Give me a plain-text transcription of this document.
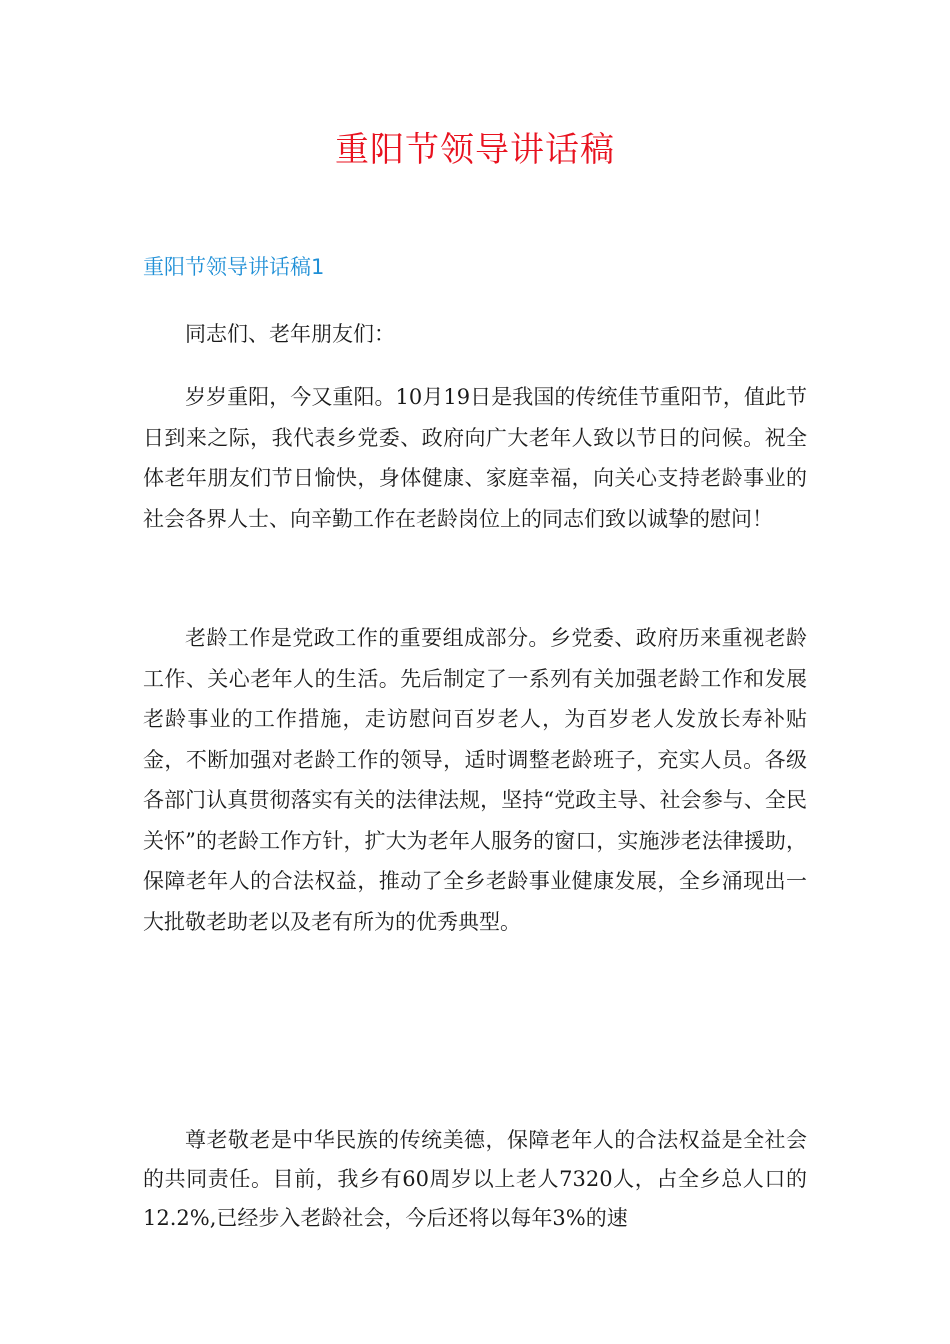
重阳节领导讲话稿
重阳节领导讲话稿1

同志们、老年朋友们：

岁岁重阳，今又重阳。10月19日是我国的传统佳节重阳节，值此节日到来之际，我代表乡党委、政府向广大老年人致以节日的问候。祝全体老年朋友们节日愉快，身体健康、家庭幸福，向关心支持老龄事业的社会各界人士、向辛勤工作在老龄岗位上的同志们致以诚挚的慰问！

老龄工作是党政工作的重要组成部分。乡党委、政府历来重视老龄工作、关心老年人的生活。先后制定了一系列有关加强老龄工作和发展老龄事业的工作措施，走访慰问百岁老人，为百岁老人发放长寿补贴金，不断加强对老龄工作的领导，适时调整老龄班子，充实人员。各级各部门认真贯彻落实有关的法律法规，坚持“党政主导、社会参与、全民关怀”的老龄工作方针，扩大为老年人服务的窗口，实施涉老法律援助，保障老年人的合法权益，推动了全乡老龄事业健康发展，全乡涌现出一大批敬老助老以及老有所为的优秀典型。

尊老敬老是中华民族的传统美德，保障老年人的合法权益是全社会的共同责任。目前，我乡有60周岁以上老人7320人，占全乡总人口的12.2%,已经步入老龄社会，今后还将以每年3%的速
